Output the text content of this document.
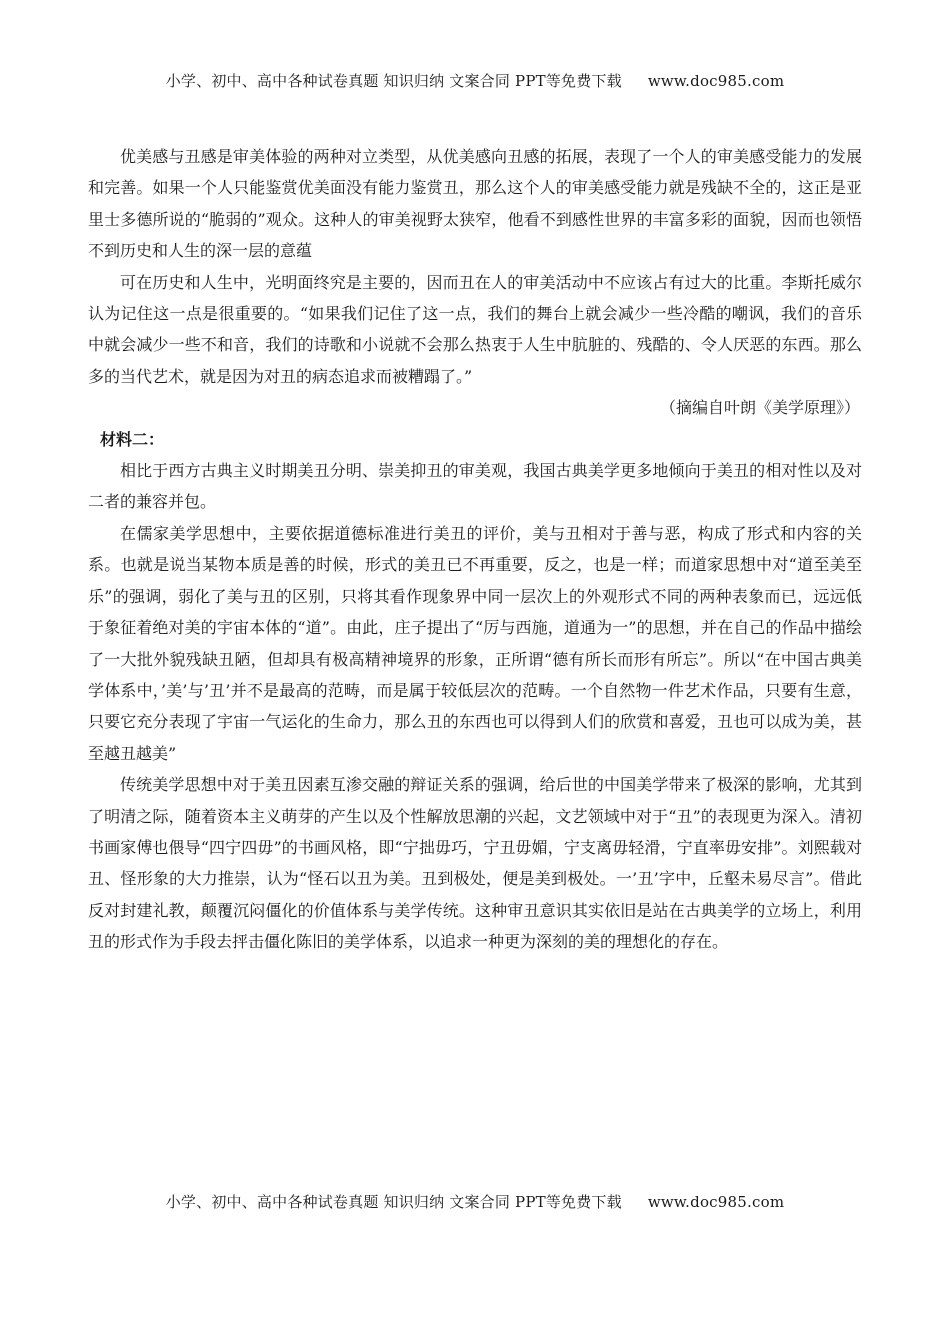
小学、初中、高中各种试卷真题 知识归纳 文案合同 PPT等免费下载 www.doc985.com

优美感与丑感是审美体验的两种对立类型，从优美感向丑感的拓展，表现了一个人的审美感受能力的发展和完善。如果一个人只能鉴赏优美面没有能力鉴赏丑，那么这个人的审美感受能力就是残缺不全的，这正是亚里士多德所说的“脆弱的”观众。这种人的审美视野太狭窄，他看不到感性世界的丰富多彩的面貌，因而也领悟不到历史和人生的深一层的意蕴

可在历史和人生中，光明面终究是主要的，因而丑在人的审美活动中不应该占有过大的比重。李斯托威尔认为记住这一点是很重要的。“如果我们记住了这一点，我们的舞台上就会减少一些冷酷的嘲讽，我们的音乐中就会减少一些不和音，我们的诗歌和小说就不会那么热衷于人生中肮脏的、残酷的、令人厌恶的东西。那么多的当代艺术，就是因为对丑的病态追求而被糟蹋了。”

（摘编自叶朗《美学原理》）

材料二：

相比于西方古典主义时期美丑分明、崇美抑丑的审美观，我国古典美学更多地倾向于美丑的相对性以及对二者的兼容并包。

在儒家美学思想中，主要依据道德标准进行美丑的评价，美与丑相对于善与恶，构成了形式和内容的关系。也就是说当某物本质是善的时候，形式的美丑已不再重要，反之，也是一样；而道家思想中对“道至美至乐”的强调，弱化了美与丑的区别，只将其看作现象界中同一层次上的外观形式不同的两种表象而已，远远低于象征着绝对美的宇宙本体的“道”。由此，庄子提出了“厉与西施，道通为一”的思想，并在自己的作品中描绘了一大批外貌残缺丑陋，但却具有极高精神境界的形象，正所谓“德有所长而形有所忘”。所以“在中国古典美学体系中，’美’与’丑’并不是最高的范畴，而是属于较低层次的范畴。一个自然物一件艺术作品，只要有生意，只要它充分表现了宇宙一气运化的生命力，那么丑的东西也可以得到人们的欣赏和喜爱，丑也可以成为美，甚至越丑越美”

传统美学思想中对于美丑因素互渗交融的辩证关系的强调，给后世的中国美学带来了极深的影响，尤其到了明清之际，随着资本主义萌芽的产生以及个性解放思潮的兴起，文艺领域中对于“丑”的表现更为深入。清初书画家傅也偎导“四宁四毋”的书画风格，即“宁拙毋巧，宁丑毋媚，宁支离毋轻滑，宁直率毋安排”。刘熙载对丑、怪形象的大力推崇，认为“怪石以丑为美。丑到极处，便是美到极处。一’丑’字中，丘壑未易尽言”。借此反对封建礼教，颠覆沉闷僵化的价值体系与美学传统。这种审丑意识其实依旧是站在古典美学的立场上，利用丑的形式作为手段去抨击僵化陈旧的美学体系，以追求一种更为深刻的美的理想化的存在。

小学、初中、高中各种试卷真题 知识归纳 文案合同 PPT等免费下载 www.doc985.com
